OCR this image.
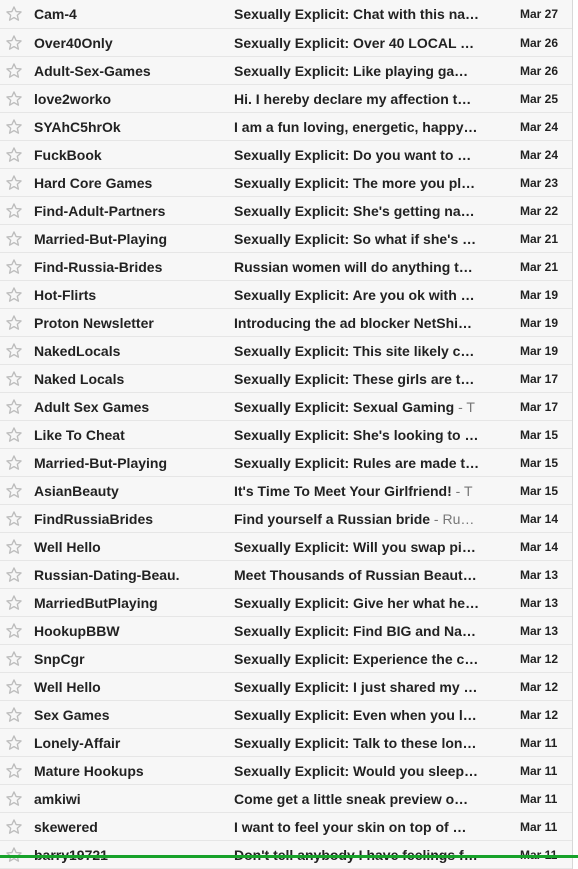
Cam-4	Sexually Explicit: Chat with this na…	Mar 27
Over40Only	Sexually Explicit: Over 40 LOCAL …	Mar 26
Adult-Sex-Games	Sexually Explicit: Like playing ga…	Mar 26
love2worko	Hi. I hereby declare my affection t…	Mar 25
SYAhC5hrOk	I am a fun loving, energetic, happy…	Mar 24
FuckBook	Sexually Explicit: Do you want to …	Mar 24
Hard Core Games	Sexually Explicit: The more you pl…	Mar 23
Find-Adult-Partners	Sexually Explicit: She's getting na…	Mar 22
Married-But-Playing	Sexually Explicit: So what if she's …	Mar 21
Find-Russia-Brides	Russian women will do anything t…	Mar 21
Hot-Flirts	Sexually Explicit: Are you ok with …	Mar 19
Proton Newsletter	Introducing the ad blocker NetShi…	Mar 19
NakedLocals	Sexually Explicit: This site likely c…	Mar 19
Naked Locals	Sexually Explicit: These girls are t…	Mar 17
Adult Sex Games	Sexually Explicit: Sexual Gaming - T	Mar 17
Like To Cheat	Sexually Explicit: She's looking to …	Mar 15
Married-But-Playing	Sexually Explicit: Rules are made t…	Mar 15
AsianBeauty	It's Time To Meet Your Girlfriend! - T	Mar 15
FindRussiaBrides	Find yourself a Russian bride - Ru…	Mar 14
Well Hello	Sexually Explicit: Will you swap pi…	Mar 14
Russian-Dating-Beau.	Meet Thousands of Russian Beaut…	Mar 13
MarriedButPlaying	Sexually Explicit: Give her what he…	Mar 13
HookupBBW	Sexually Explicit: Find BIG and Na…	Mar 13
SnpCgr	Sexually Explicit: Experience the c…	Mar 12
Well Hello	Sexually Explicit: I just shared my …	Mar 12
Sex Games	Sexually Explicit: Even when you l…	Mar 12
Lonely-Affair	Sexually Explicit: Talk to these lon…	Mar 11
Mature Hookups	Sexually Explicit: Would you sleep…	Mar 11
amkiwi	Come get a little sneak preview o…	Mar 11
skewered	I want to feel your skin on top of …	Mar 11
